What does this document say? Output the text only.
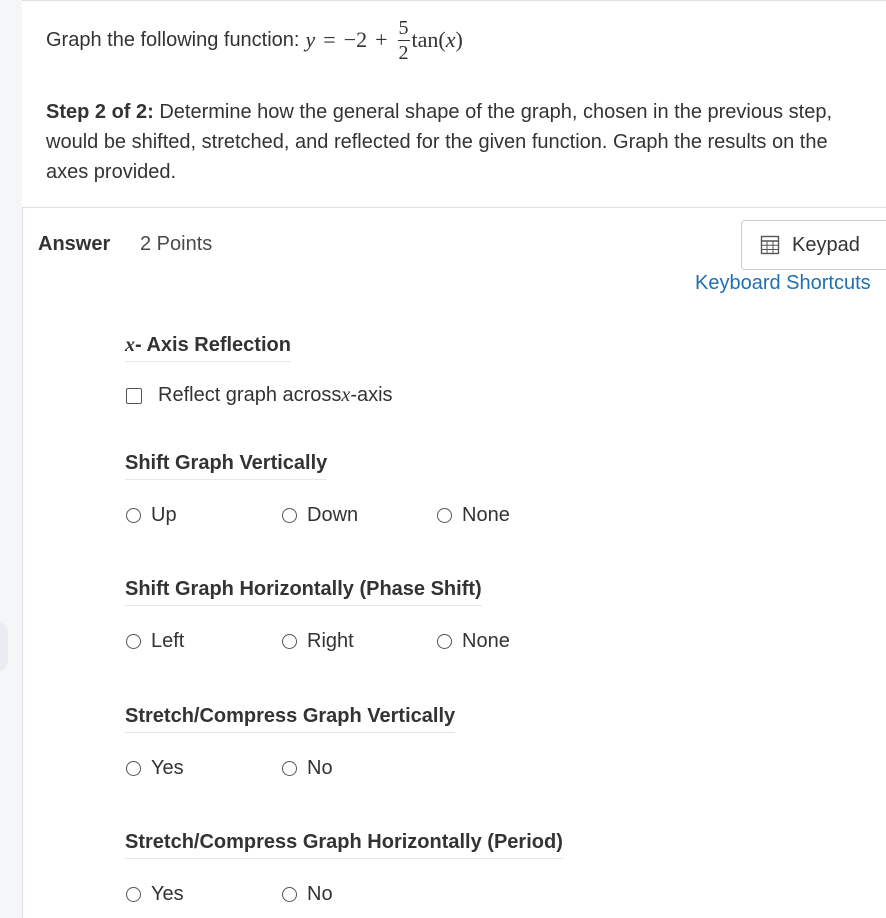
Graph the following function: $y = -2 + \frac{5}{2} \tan$( x )
Step 2 of 2: Determine how the general shape of the graph, chosen in the previous step, would be shifted, stretched, and reflected for the given function. Graph the results on the axes provided.
Answer 2 Points	Keypad
Keyboard Shortcuts
x- Axis Reflection
Reflect graph across x -axis
Shift Graph Vertically
Up	Down	None
Shift Graph Horizontally (Phase Shift)
Left	Right	None
Stretch/Compress Graph Vertically
Yes	No
Stretch/Compress Graph Horizontally (Period)
Yes	No
